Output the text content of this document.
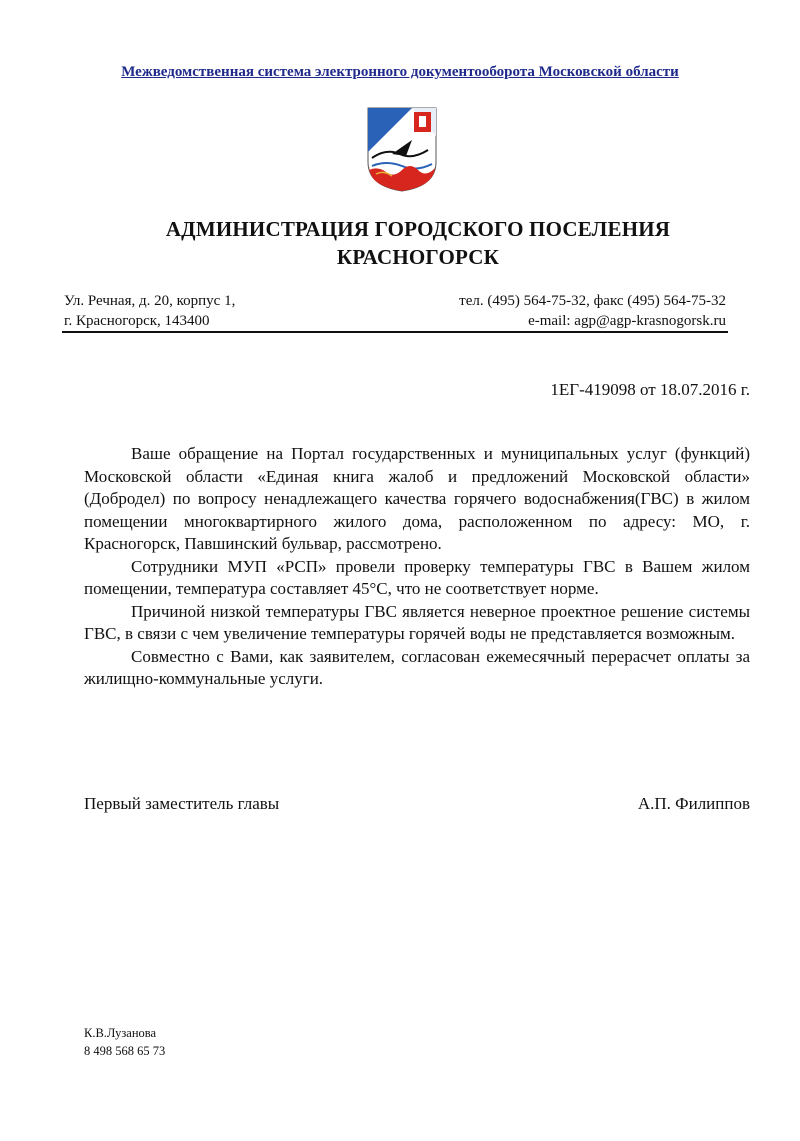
Межведомственная система электронного документооборота Московской области
АДМИНИСТРАЦИЯ ГОРОДСКОГО ПОСЕЛЕНИЯ
КРАСНОГОРСК
Ул. Речная, д. 20, корпус 1,
г. Красногорск, 143400
тел. (495) 564-75-32, факс (495) 564-75-32
e-mail: agp@agp-krasnogorsk.ru
1ЕГ-419098 от 18.07.2016 г.

Ваше обращение на Портал государственных и муниципальных услуг (функций) Московской области «Единая книга жалоб и предложений Московской области» (Добродел) по вопросу ненадлежащего качества горячего водоснабжения(ГВС) в жилом помещении многоквартирного жилого дома, расположенном по адресу: МО, г. Красногорск, Павшинский бульвар, рассмотрено.

Сотрудники МУП «РСП» провели проверку температуры ГВС в Вашем жилом помещении, температура составляет 45°С, что не соответствует норме.

Причиной низкой температуры ГВС является неверное проектное решение системы ГВС, в связи с чем увеличение температуры горячей воды не представляется возможным.

Совместно с Вами, как заявителем, согласован ежемесячный перерасчет оплаты за жилищно-коммунальные услуги.

Первый заместитель главы	А.П. Филиппов
К.В.Лузанова
8 498 568 65 73
